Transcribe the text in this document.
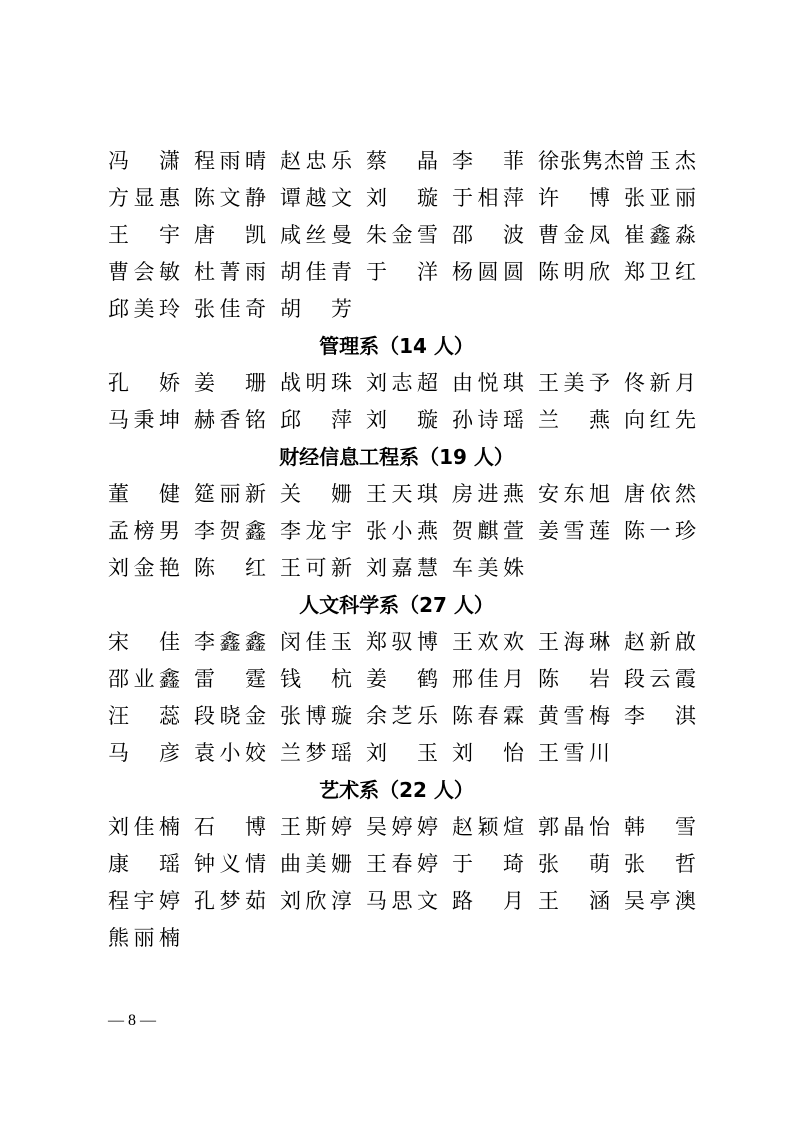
冯 潇 程 雨 晴 赵 忠 乐 蔡 晶 李 菲 徐 张 隽 杰 曾 玉 杰
方 显 惠 陈 文 静 谭 越 文 刘 璇 于 相 萍 许 博 张 亚 丽
王 宇 唐 凯 咸 丝 曼 朱 金 雪 邵 波 曹 金 凤 崔 鑫 淼
曹 会 敏 杜 菁 雨 胡 佳 青 于 洋 杨 圆 圆 陈 明 欣 郑 卫 红
邱 美 玲 张 佳 奇 胡 芳
管理系（14 人）
孔 娇 姜 珊 战 明 珠 刘 志 超 由 悦 琪 王 美 予 佟 新 月
马 秉 坤 赫 香 铭 邱 萍 刘 璇 孙 诗 瑶 兰 燕 向 红 先
财经信息工程系（19 人）
董 健 筵 丽 新 关 姗 王 天 琪 房 进 燕 安 东 旭 唐 依 然
孟 榜 男 李 贺 鑫 李 龙 宇 张 小 燕 贺 麒 萱 姜 雪 莲 陈 一 珍
刘 金 艳 陈 红 王 可 新 刘 嘉 慧 车 美 姝
人文科学系（27 人）
宋 佳 李 鑫 鑫 闵 佳 玉 郑 驭 博 王 欢 欢 王 海 琳 赵 新 啟
邵 业 鑫 雷 霆 钱 杭 姜 鹤 邢 佳 月 陈 岩 段 云 霞
汪 蕊 段 晓 金 张 博 璇 余 芝 乐 陈 春 霖 黄 雪 梅 李 淇
马 彦 袁 小 姣 兰 梦 瑶 刘 玉 刘 怡 王 雪 川
艺术系（22 人）
刘 佳 楠 石 博 王 斯 婷 吴 婷 婷 赵 颖 煊 郭 晶 怡 韩 雪
康 瑶 钟 义 情 曲 美 姗 王 春 婷 于 琦 张 萌 张 哲
程 宇 婷 孔 梦 茹 刘 欣 淳 马 思 文 路 月 王 涵 吴 亭 澳
熊 丽 楠
— 8 —
